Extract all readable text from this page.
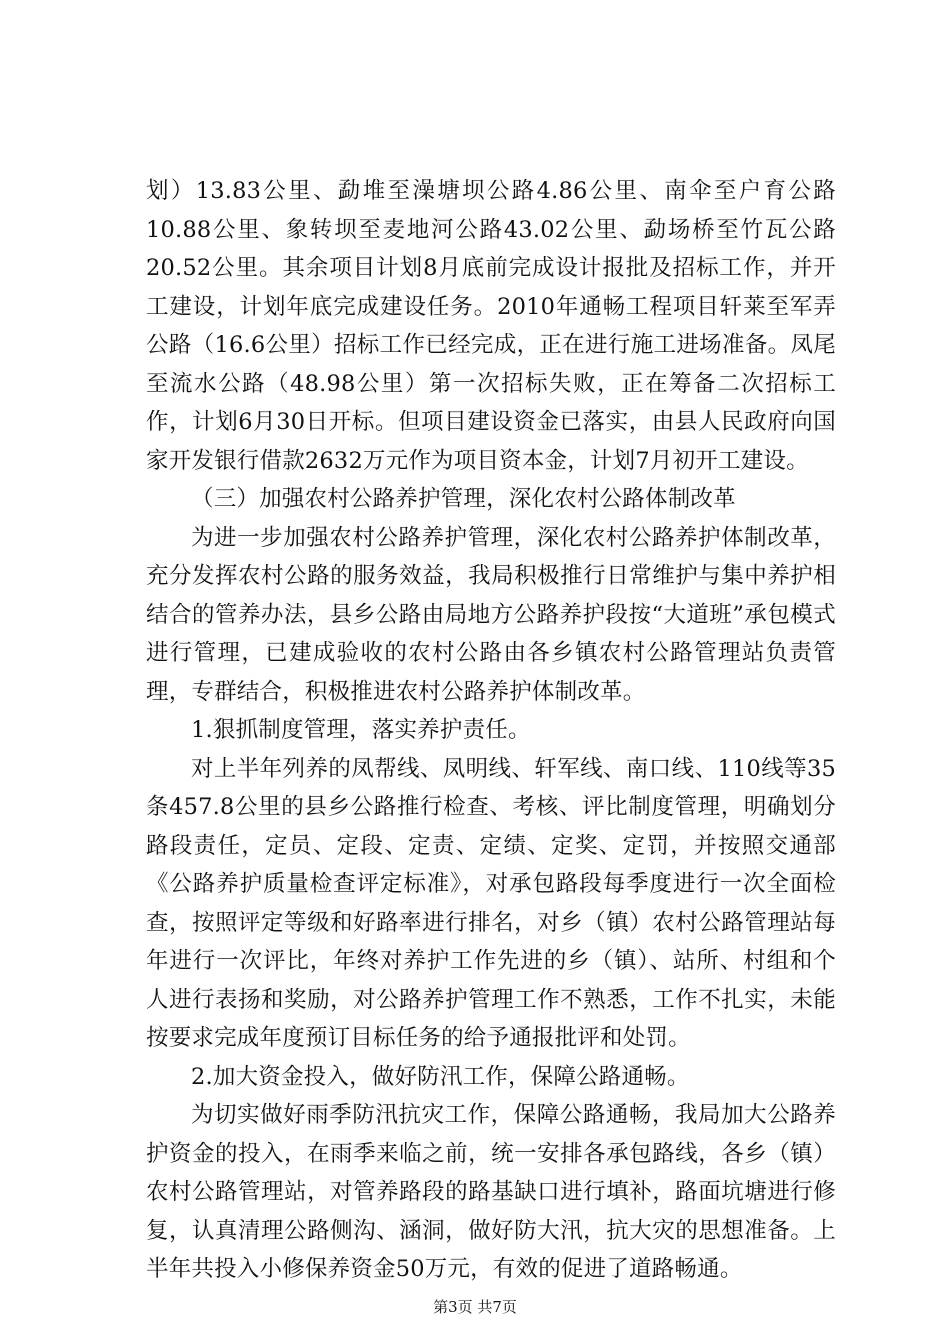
划）13.83公里、勐堆至澡塘坝公路4.86公里、南伞至户育公路10.88公里、象转坝至麦地河公路43.02公里、勐场桥至竹瓦公路20.52公里。其余项目计划8月底前完成设计报批及招标工作，并开工建设，计划年底完成建设任务。2010年通畅工程项目轩莱至军弄公路（16.6公里）招标工作已经完成，正在进行施工进场准备。凤尾至流水公路（48.98公里）第一次招标失败，正在筹备二次招标工作，计划6月30日开标。但项目建设资金已落实，由县人民政府向国家开发银行借款2632万元作为项目资本金，计划7月初开工建设。

（三）加强农村公路养护管理，深化农村公路体制改革

为进一步加强农村公路养护管理，深化农村公路养护体制改革，充分发挥农村公路的服务效益，我局积极推行日常维护与集中养护相结合的管养办法，县乡公路由局地方公路养护段按“大道班”承包模式进行管理，已建成验收的农村公路由各乡镇农村公路管理站负责管理，专群结合，积极推进农村公路养护体制改革。

1.狠抓制度管理，落实养护责任。

对上半年列养的凤帮线、凤明线、轩军线、南口线、110线等35条457.8公里的县乡公路推行检查、考核、评比制度管理，明确划分路段责任，定员、定段、定责、定绩、定奖、定罚，并按照交通部《公路养护质量检查评定标准》，对承包路段每季度进行一次全面检查，按照评定等级和好路率进行排名，对乡（镇）农村公路管理站每年进行一次评比，年终对养护工作先进的乡（镇）、站所、村组和个人进行表扬和奖励，对公路养护管理工作不熟悉，工作不扎实，未能按要求完成年度预订目标任务的给予通报批评和处罚。

2.加大资金投入，做好防汛工作，保障公路通畅。

为切实做好雨季防汛抗灾工作，保障公路通畅，我局加大公路养护资金的投入，在雨季来临之前，统一安排各承包路线，各乡（镇）农村公路管理站，对管养路段的路基缺口进行填补，路面坑塘进行修复，认真清理公路侧沟、涵洞，做好防大汛，抗大灾的思想准备。上半年共投入小修保养资金50万元，有效的促进了道路畅通。

第3页 共7页
